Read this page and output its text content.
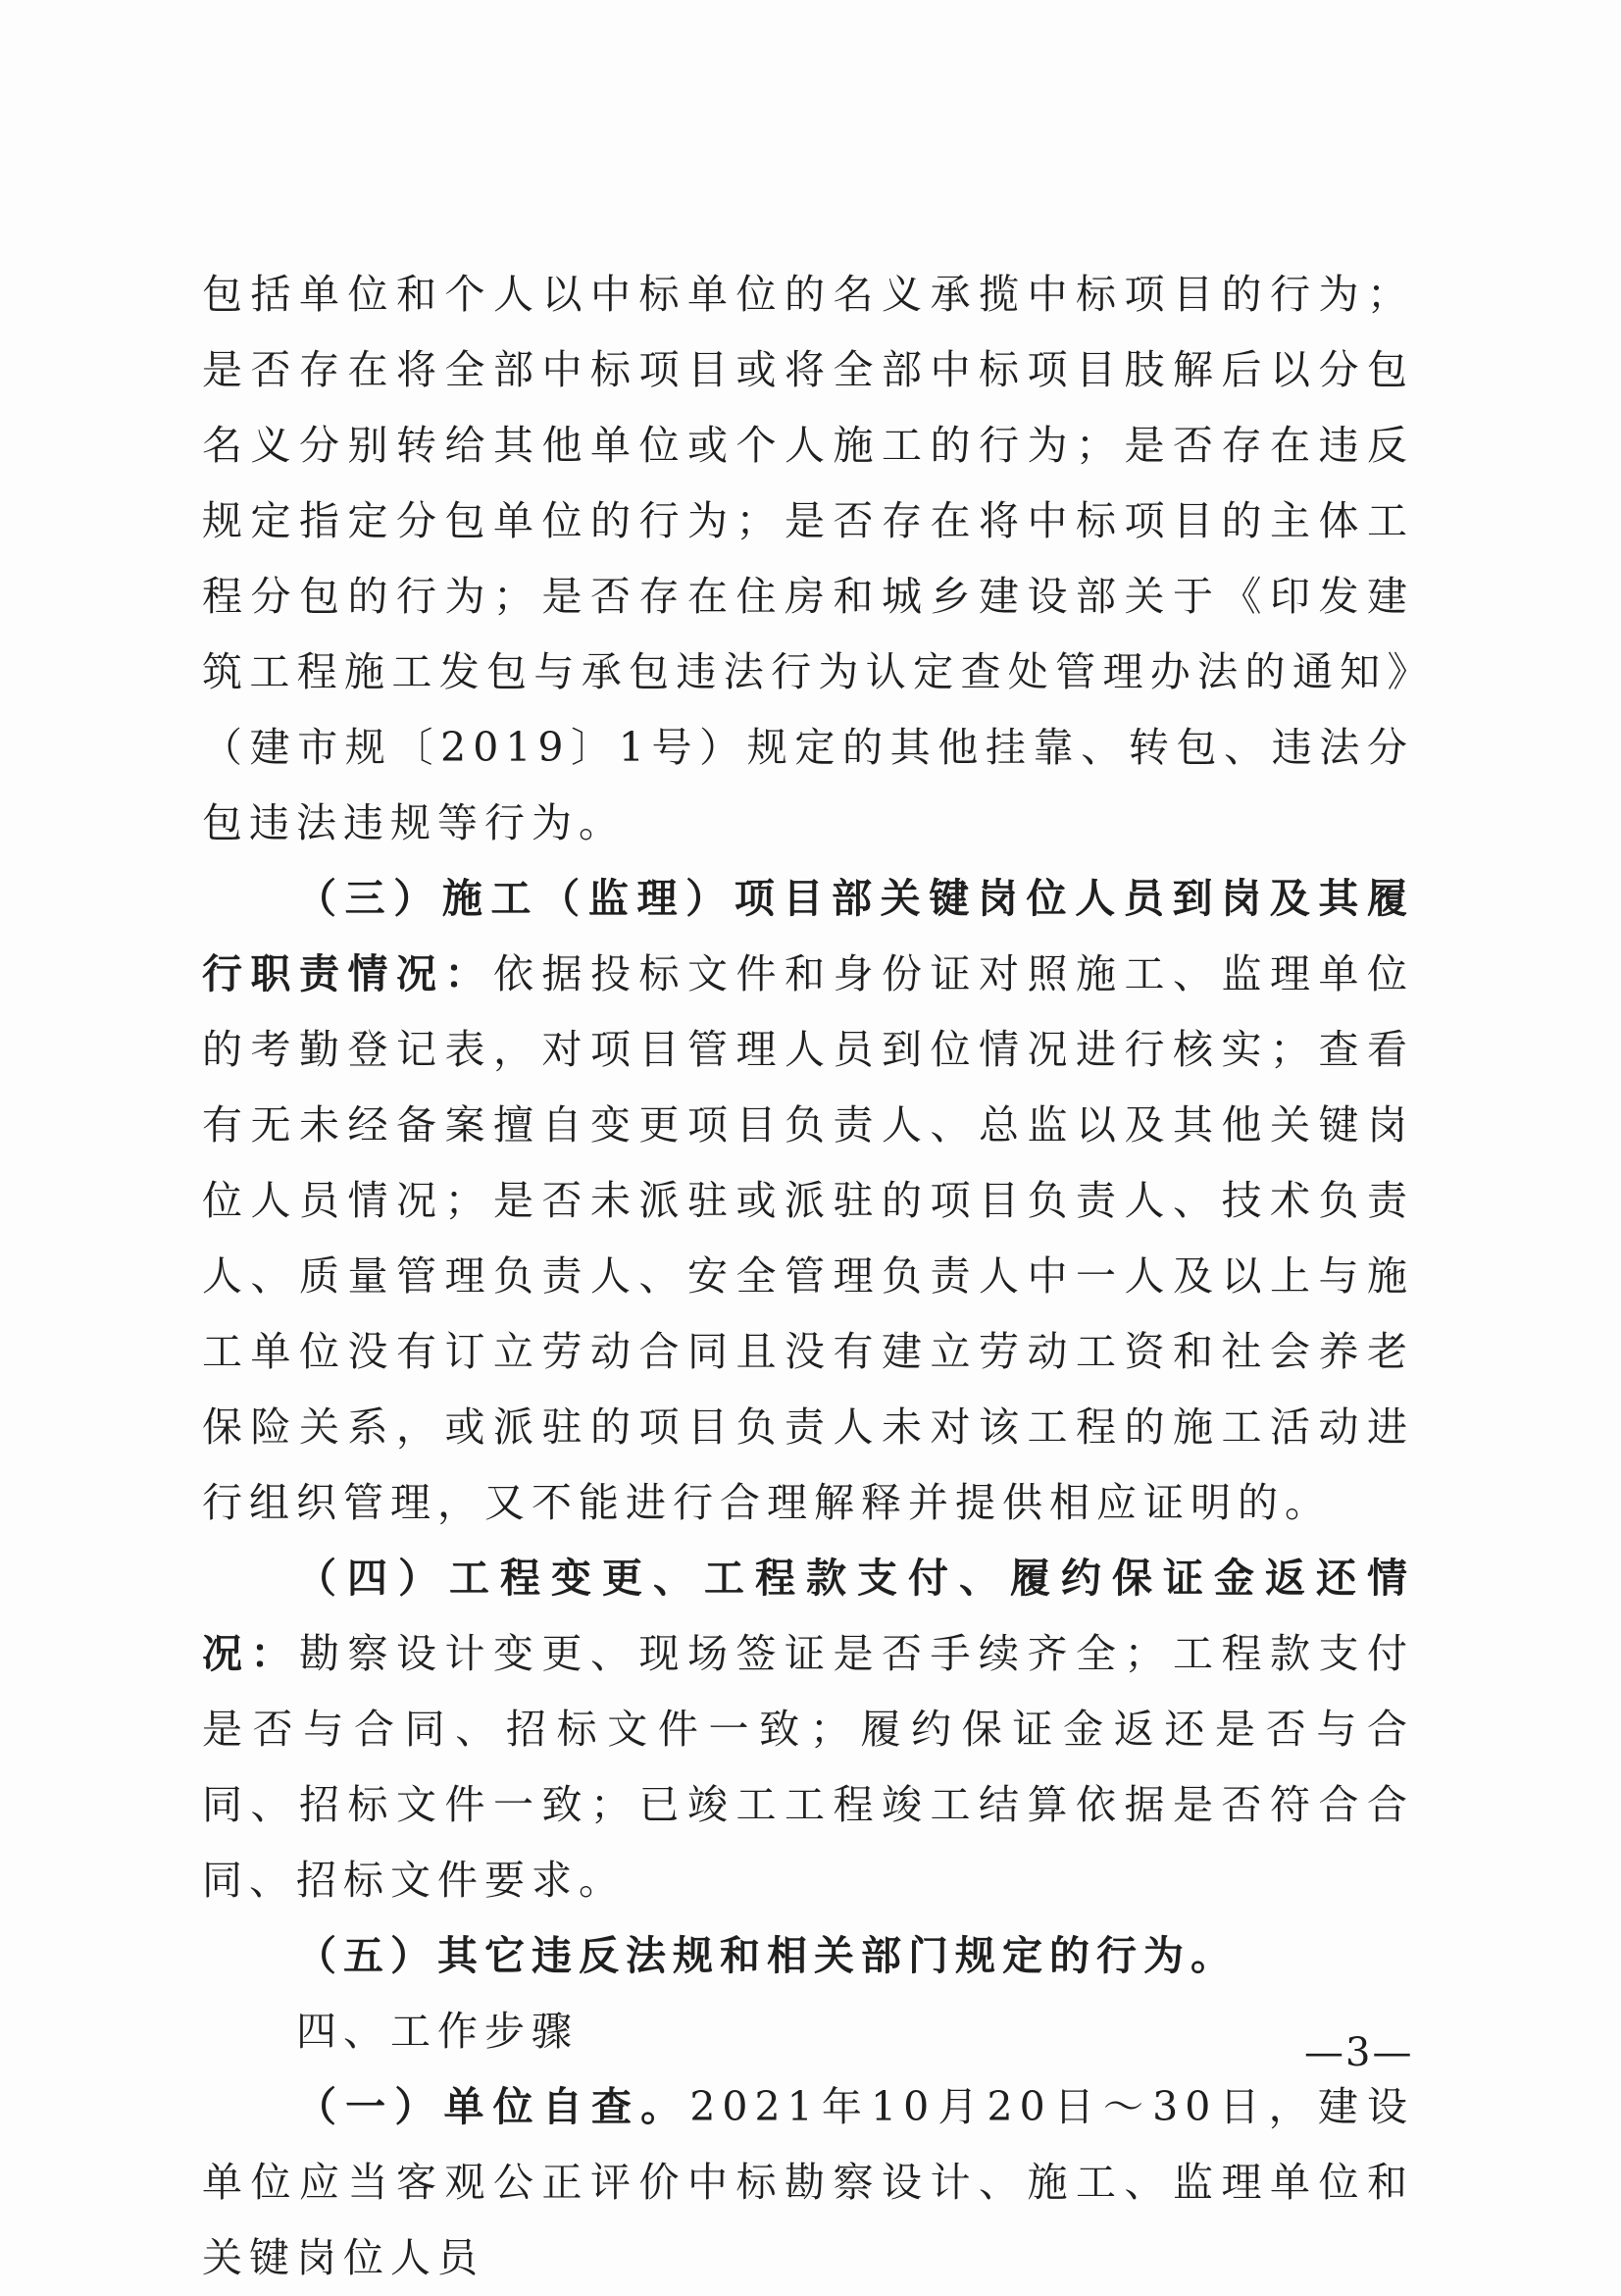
包括单位和个人以中标单位的名义承揽中标项目的行为；是否存在将全部中标项目或将全部中标项目肢解后以分包名义分别转给其他单位或个人施工的行为；是否存在违反规定指定分包单位的行为；是否存在将中标项目的主体工程分包的行为；是否存在住房和城乡建设部关于《印发建筑工程施工发包与承包违法行为认定查处管理办法的通知》（建市规〔2019〕1号）规定的其他挂靠、转包、违法分包违法违规等行为。

（三）施工（监理）项目部关键岗位人员到岗及其履行职责情况：依据投标文件和身份证对照施工、监理单位的考勤登记表，对项目管理人员到位情况进行核实；查看有无未经备案擅自变更项目负责人、总监以及其他关键岗位人员情况；是否未派驻或派驻的项目负责人、技术负责人、质量管理负责人、安全管理负责人中一人及以上与施工单位没有订立劳动合同且没有建立劳动工资和社会养老保险关系，或派驻的项目负责人未对该工程的施工活动进行组织管理，又不能进行合理解释并提供相应证明的。

（四）工程变更、工程款支付、履约保证金返还情况：勘察设计变更、现场签证是否手续齐全；工程款支付是否与合同、招标文件一致；履约保证金返还是否与合同、招标文件一致；已竣工工程竣工结算依据是否符合合同、招标文件要求。

（五）其它违反法规和相关部门规定的行为。

四、工作步骤

（一）单位自查。2021年10月20日～30日，建设单位应当客观公正评价中标勘察设计、施工、监理单位和关键岗位人员

—3—
